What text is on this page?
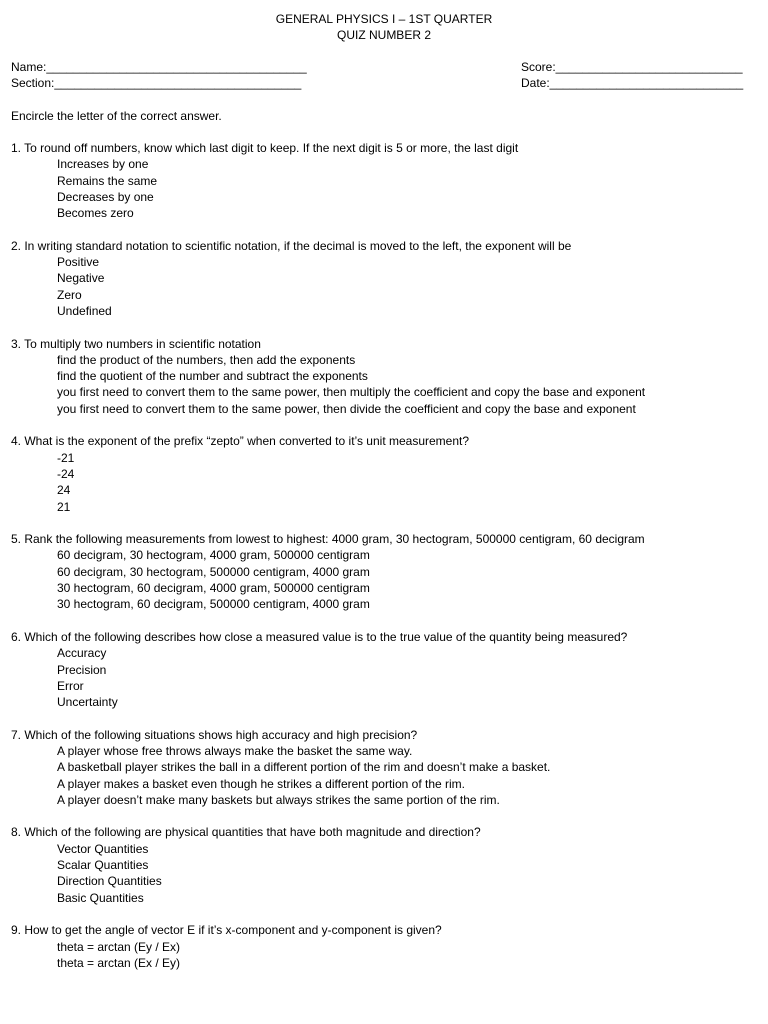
GENERAL PHYSICS I – 1ST QUARTER
QUIZ NUMBER 2
Name:_______________________________________
Section:_____________________________________
Score:____________________________
Date:_____________________________
Encircle the letter of the correct answer.
1. To round off numbers, know which last digit to keep. If the next digit is 5 or more, the last digit
Increases by one
Remains the same
Decreases by one
Becomes zero
2. In writing standard notation to scientific notation, if the decimal is moved to the left, the exponent will be
Positive
Negative
Zero
Undefined
3. To multiply two numbers in scientific notation
find the product of the numbers, then add the exponents
find the quotient of the number and subtract the exponents
you first need to convert them to the same power, then multiply the coefficient and copy the base and exponent
you first need to convert them to the same power, then divide the coefficient and copy the base and exponent
4. What is the exponent of the prefix “zepto” when converted to it’s unit measurement?
-21
-24
24
21
5. Rank the following measurements from lowest to highest: 4000 gram, 30 hectogram, 500000 centigram, 60 decigram
60 decigram, 30 hectogram, 4000 gram, 500000 centigram
60 decigram, 30 hectogram, 500000 centigram, 4000 gram
30 hectogram, 60 decigram, 4000 gram, 500000 centigram
30 hectogram, 60 decigram, 500000 centigram, 4000 gram
6. Which of the following describes how close a measured value is to the true value of the quantity being measured?
Accuracy
Precision
Error
Uncertainty
7. Which of the following situations shows high accuracy and high precision?
A player whose free throws always make the basket the same way.
A basketball player strikes the ball in a different portion of the rim and doesn’t make a basket.
A player makes a basket even though he strikes a different portion of the rim.
A player doesn’t make many baskets but always strikes the same portion of the rim.
8. Which of the following are physical quantities that have both magnitude and direction?
Vector Quantities
Scalar Quantities
Direction Quantities
Basic Quantities
9. How to get the angle of vector E if it’s x-component and y-component is given?
theta = arctan (Ey / Ex)
theta = arctan (Ex / Ey)
